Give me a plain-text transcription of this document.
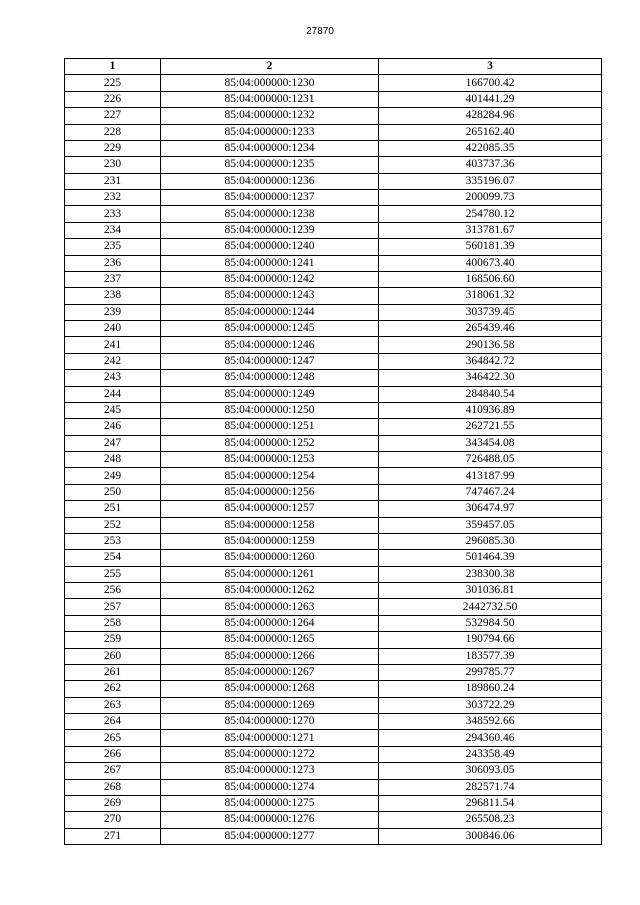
27870
1	2	3
225	85:04:000000:1230	166700.42
226	85:04:000000:1231	401441.29
227	85:04:000000:1232	428284.96
228	85:04:000000:1233	265162.40
229	85:04:000000:1234	422085.35
230	85:04:000000:1235	403737.36
231	85:04:000000:1236	335196.07
232	85:04:000000:1237	200099.73
233	85:04:000000:1238	254780.12
234	85:04:000000:1239	313781.67
235	85:04:000000:1240	560181.39
236	85:04:000000:1241	400673.40
237	85:04:000000:1242	168506.60
238	85:04:000000:1243	318061.32
239	85:04:000000:1244	303739.45
240	85:04:000000:1245	265439.46
241	85:04:000000:1246	290136.58
242	85:04:000000:1247	364842.72
243	85:04:000000:1248	346422.30
244	85:04:000000:1249	284840.54
245	85:04:000000:1250	410936.89
246	85:04:000000:1251	262721.55
247	85:04:000000:1252	343454.08
248	85:04:000000:1253	726488.05
249	85:04:000000:1254	413187.99
250	85:04:000000:1256	747467.24
251	85:04:000000:1257	306474.97
252	85:04:000000:1258	359457.05
253	85:04:000000:1259	296085.30
254	85:04:000000:1260	501464.39
255	85:04:000000:1261	238300.38
256	85:04:000000:1262	301036.81
257	85:04:000000:1263	2442732.50
258	85:04:000000:1264	532984.50
259	85:04:000000:1265	190794.66
260	85:04:000000:1266	183577.39
261	85:04:000000:1267	299785.77
262	85:04:000000:1268	189860.24
263	85:04:000000:1269	303722.29
264	85:04:000000:1270	348592.66
265	85:04:000000:1271	294360.46
266	85:04:000000:1272	243358.49
267	85:04:000000:1273	306093.05
268	85:04:000000:1274	282571.74
269	85:04:000000:1275	296811.54
270	85:04:000000:1276	265508.23
271	85:04:000000:1277	300846.06
